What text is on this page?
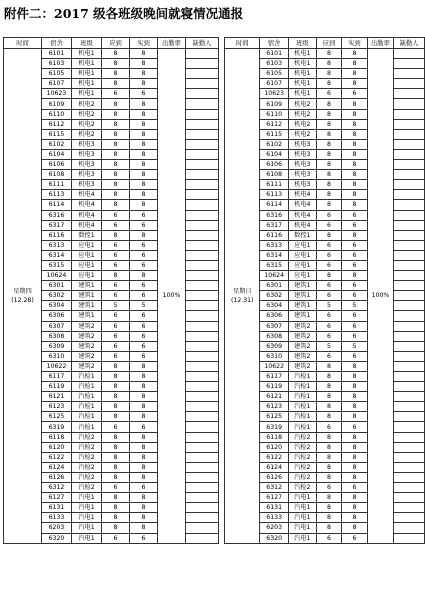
附件二：2017 级各班级晚间就寝情况通报
时间	宿舍	班级	应到	实到	出勤率	缺勤人

星期四
(12.28)	6101	机电1	8	8	100%	
	6103	机电1	8	8		
	6105	机电1	8	8		
	6107	机电1	8	8		
	10623	机电1	6	6		
	6109	机电2	8	8		
	6110	机电2	8	8		
	6112	机电2	8	8		
	6115	机电2	8	8		
	6102	机电3	8	8		
	6104	机电3	8	8		
	6106	机电3	8	8		
	6108	机电3	8	8		
	6111	机电3	8	8		
	6113	机电4	8	8		
	6114	机电4	8	8		
	6316	机电4	6	6		
	6317	机电4	6	6		
	6116	数控1	8	8		
	6313	应电1	6	6		
	6314	应电1	6	6		
	6315	应电1	6	6		
	10624	应电1	8	8		
	6301	建筑1	6	6		
	6302	建筑1	6	6		
	6304	建筑1	5	5		
	6306	建筑1	6	6		
	6307	建筑2	6	6		
	6308	建筑2	6	6		
	6309	建筑2	6	6		
	6310	建筑2	6	6		
	10622	建筑2	8	8		
	6117	汽检1	8	8		
	6119	汽检1	8	8		
	6121	汽检1	8	8		
	6123	汽检1	8	8		
	6125	汽检1	8	8		
	6319	汽检1	6	6		
	6118	汽检2	8	8		
	6120	汽检2	8	8		
	6122	汽检2	8	8		
	6124	汽检2	8	8		
	6126	汽检2	8	8		
	6312	汽检2	6	6		
	6127	汽电1	8	8		
	6131	汽电1	8	8		
	6133	汽电1	8	8		
	6203	汽电1	8	8		
	6320	汽电1	6	6		
时间	宿舍	班级	应到	实到	出勤率	缺勤人

星期日
(12.31)	6101	机电1	8	8	100%	
	6103	机电1	8	8		
	6105	机电1	8	8		
	6107	机电1	8	8		
	10623	机电1	6	6		
	6109	机电2	8	8		
	6110	机电2	8	8		
	6112	机电2	8	8		
	6115	机电2	8	8		
	6102	机电3	8	8		
	6104	机电3	8	8		
	6106	机电3	8	8		
	6108	机电3	8	8		
	6111	机电3	8	8		
	6113	机电4	8	8		
	6114	机电4	8	8		
	6316	机电4	6	6		
	6317	机电4	6	6		
	6116	数控1	8	8		
	6313	应电1	6	6		
	6314	应电1	6	6		
	6315	应电1	6	6		
	10624	应电1	8	8		
	6301	建筑1	6	6		
	6302	建筑1	6	6		
	6304	建筑1	5	5		
	6306	建筑1	6	6		
	6307	建筑2	6	6		
	6308	建筑2	6	6		
	6309	建筑2	5	5		
	6310	建筑2	6	6		
	10622	建筑2	8	8		
	6117	汽检1	8	8		
	6119	汽检1	8	8		
	6121	汽检1	8	8		
	6123	汽检1	8	8		
	6125	汽检1	8	8		
	6319	汽检1	6	6		
	6118	汽检2	8	8		
	6120	汽检2	8	8		
	6122	汽检2	8	8		
	6124	汽检2	8	8		
	6126	汽检2	8	8		
	6312	汽检2	6	6		
	6127	汽电1	8	8		
	6131	汽电1	8	8		
	6133	汽电1	8	8		
	6203	汽电1	8	8		
	6320	汽电1	6	6		
